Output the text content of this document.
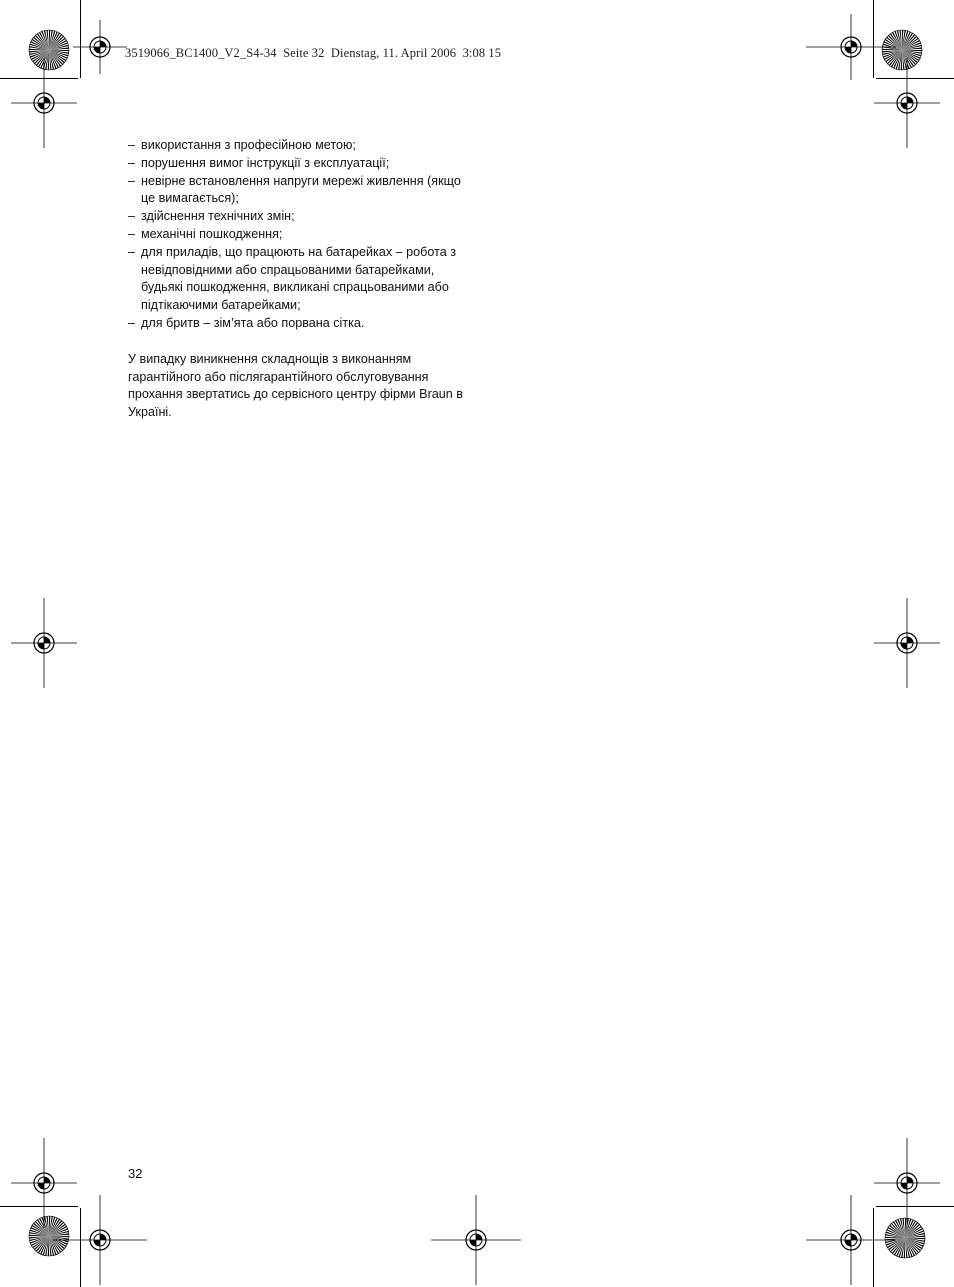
3519066_BC1400_V2_S4-34  Seite 32  Dienstag, 11. April 2006  3:08 15
– використання з професійною метою;
– порушення вимог інструкції з експлуатації;
– невірне встановлення напруги мережі живлення (якщо це вимагається);
– здійснення технічних змін;
– механічні пошкодження;
– для приладів, що працюють на батарейках – робота з невідповідними або спрацьованими батарейками, будьякі пошкодження, викликані спрацьованими або підтікаючими батарейками;
– для бритв – зім’ята або порвана сітка.

У випадку виникнення складнощів з виконанням гарантійного або післягарантійного обслуговування прохання звертатись до сервісного центру фірми Braun в Україні.

32
